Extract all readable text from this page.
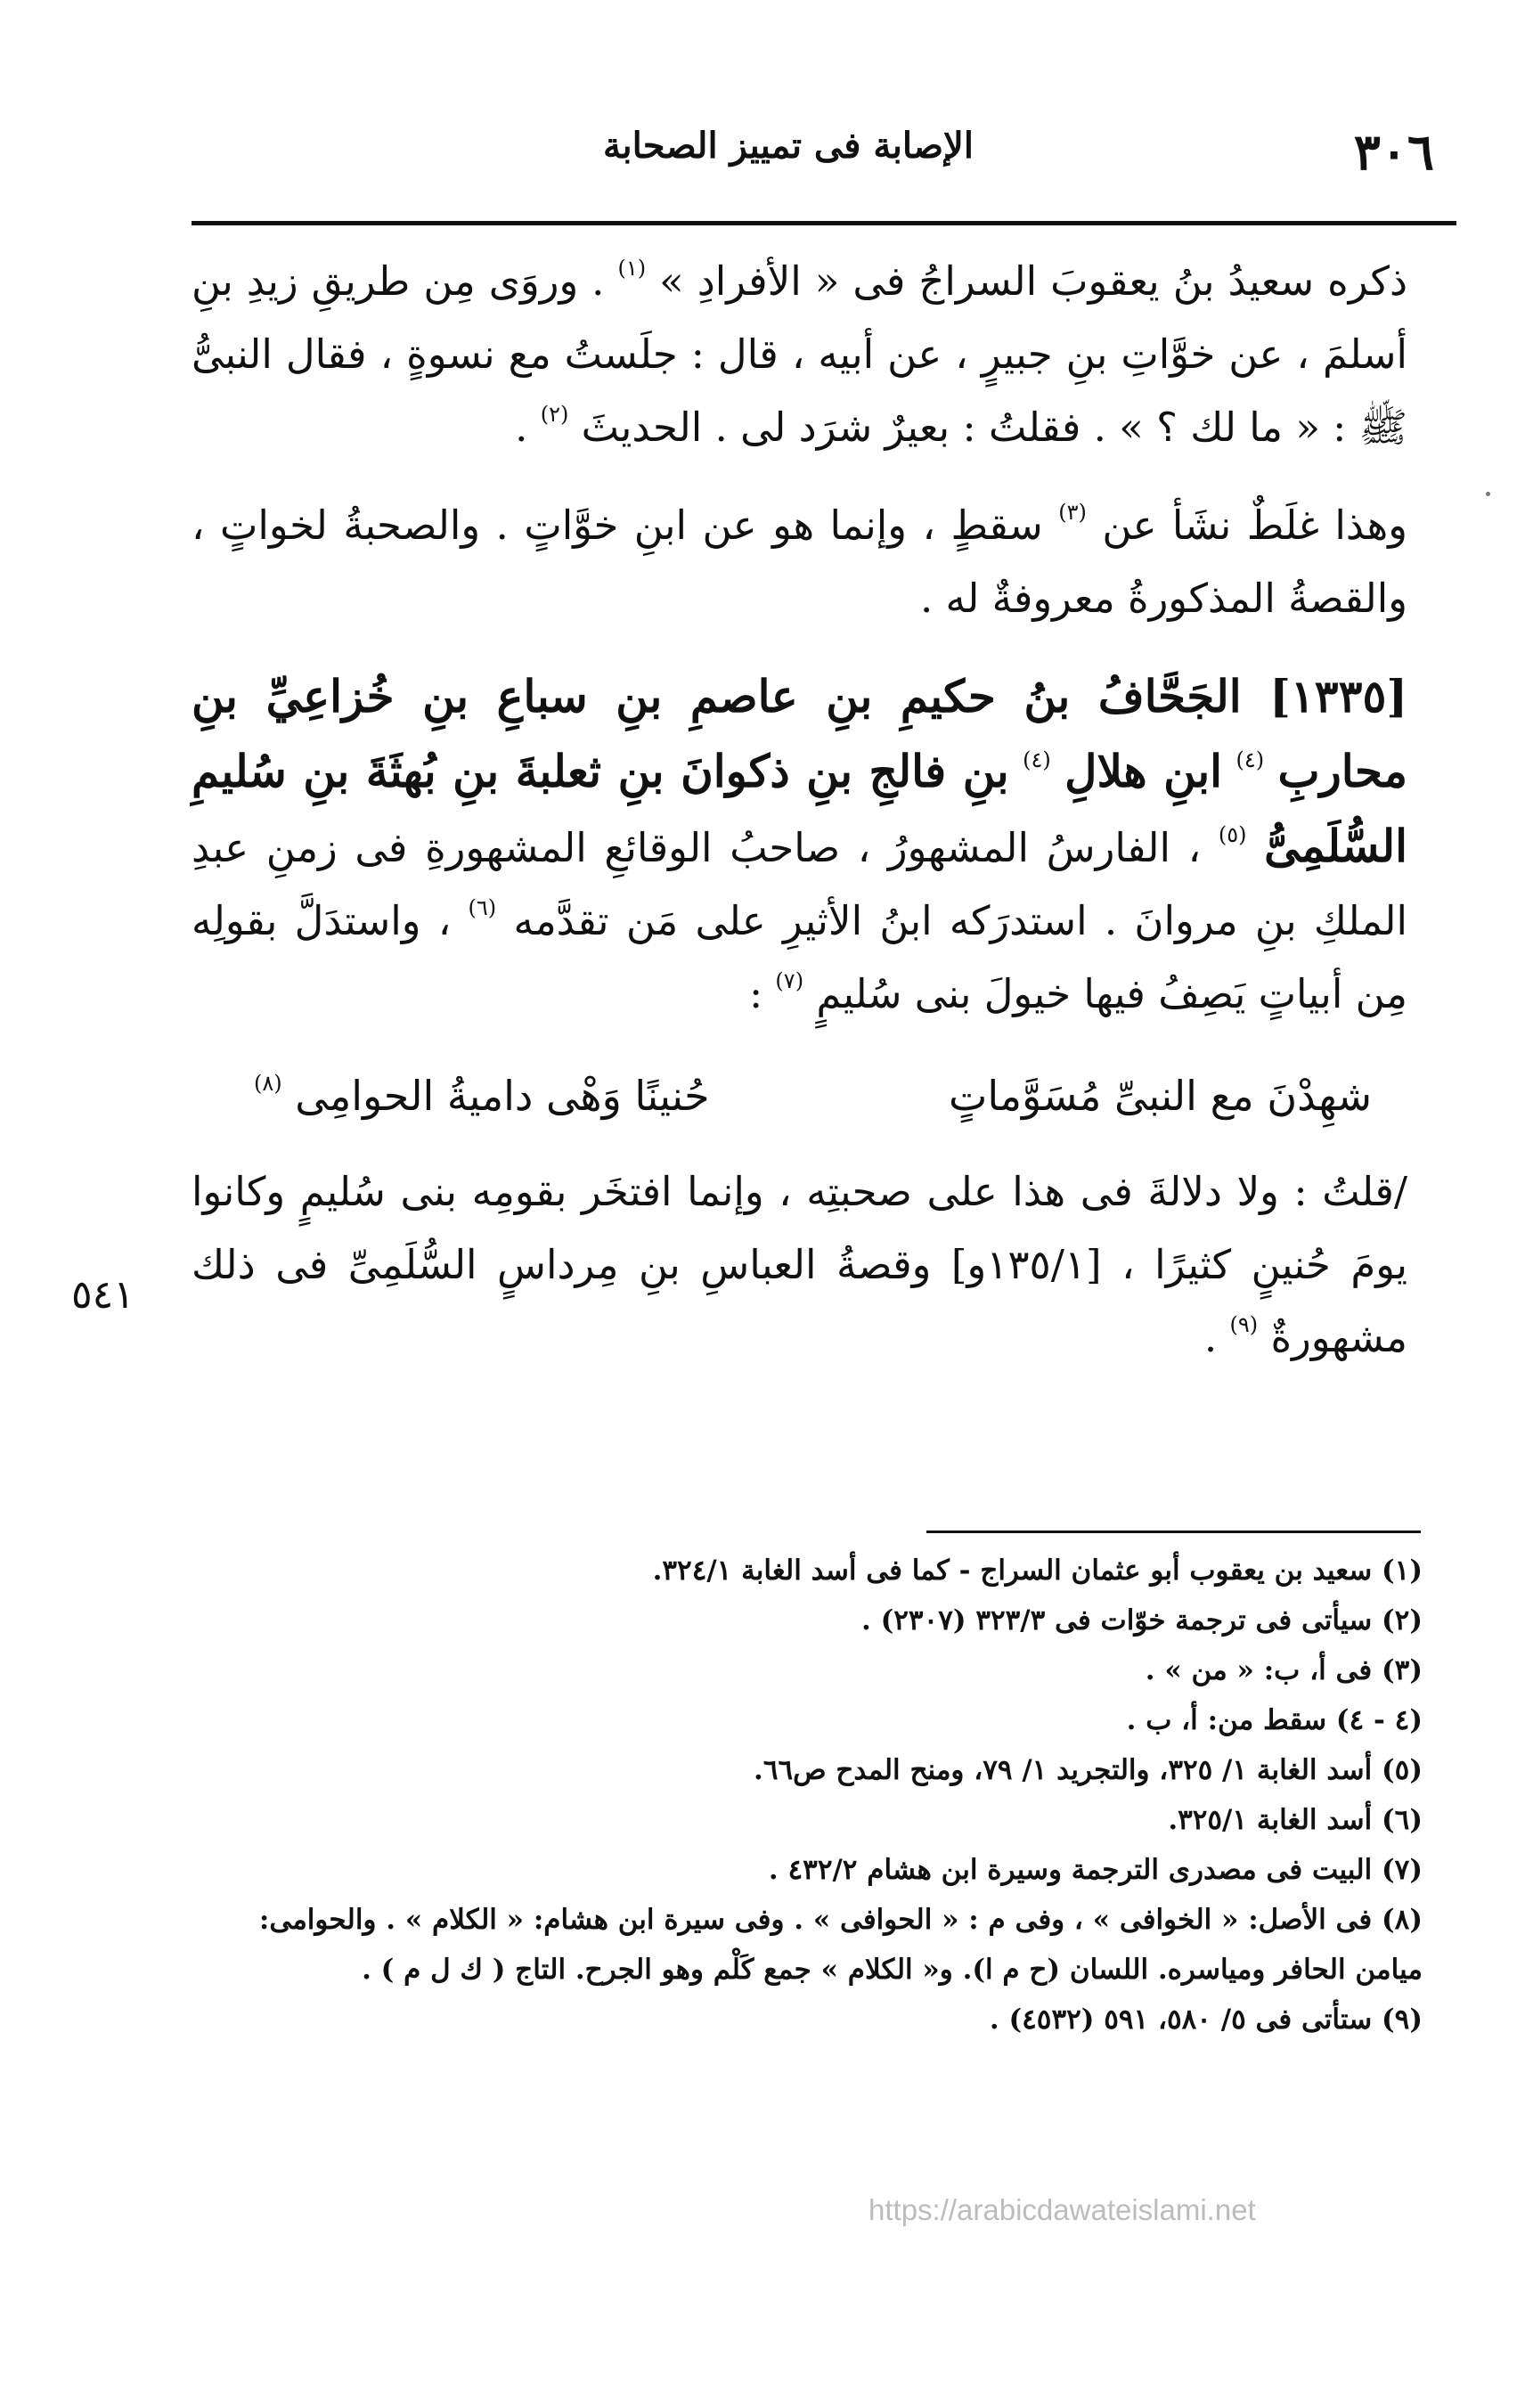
٣٠٦
الإصابة فى تمييز الصحابة

ذكره سعيدُ بنُ يعقوبَ السراجُ فى « الأفرادِ » $^{(١)}$ . وروَى مِن طريقِ زيدِ بنِ أسلمَ ، عن خوَّاتِ بنِ جبيرٍ ، عن أبيه ، قال : جلَستُ مع نسوةٍ ، فقال النبىُّ ﷺ : « ما لك ؟ » . فقلتُ : بعيرٌ شرَد لى . الحديثَ $^{(٢)}$ .

وهذا غلَطٌ نشَأ عن $^{(٣)}$ سقطٍ ، وإنما هو عن ابنِ خوَّاتٍ . والصحبةُ لخواتٍ ، والقصةُ المذكورةُ معروفةٌ له .

[١٣٣٥] الجَحَّافُ بنُ حكيمِ بنِ عاصمِ بنِ سباعِ بنِ خُزاعِيِّ بنِ محاربِ $^{(٤)}$ ابنِ هلالِ $^{(٤)}$ بنِ فالجِ بنِ ذكوانَ بنِ ثعلبةَ بنِ بُهثَةَ بنِ سُليمِ السُّلَمِىُّ $^{(٥)}$ ، الفارسُ المشهورُ ، صاحبُ الوقائعِ المشهورةِ فى زمنِ عبدِ الملكِ بنِ مروانَ . استدرَكه ابنُ الأثيرِ على مَن تقدَّمه $^{(٦)}$ ، واستدَلَّ بقولِه مِن أبياتٍ يَصِفُ فيها خيولَ بنى سُليمٍ $^{(٧)}$ :

شهِدْنَ مع النبىِّ مُسَوَّماتٍ
حُنينًا وَهْى داميةُ الحوامِى $^{(٨)}$

/قلتُ : ولا دلالةَ فى هذا على صحبتِه ، وإنما افتخَر بقومِه بنى سُليمٍ وكانوا يومَ حُنينٍ كثيرًا ، [١٣٥/١و] وقصةُ العباسِ بنِ مِرداسٍ السُّلَمِىِّ فى ذلك مشهورةٌ $^{(٩)}$ .

٥٤١
(١) سعيد بن يعقوب أبو عثمان السراج - كما فى أسد الغابة ٣٢٤/١.
(٢) سيأتى فى ترجمة خوّات فى ٣٢٣/٣ (٢٣٠٧) .
(٣) فى أ، ب: « من » .
(٤ - ٤) سقط من: أ، ب .
(٥) أسد الغابة ١/ ٣٢٥، والتجريد ١/ ٧٩، ومنح المدح ص٦٦.
(٦) أسد الغابة ٣٢٥/١.
(٧) البيت فى مصدرى الترجمة وسيرة ابن هشام ٤٣٢/٢ .
(٨) فى الأصل: « الخوافى » ، وفى م : « الحوافى » . وفى سيرة ابن هشام: « الكلام » . والحوامى: ميامن الحافر ومياسره. اللسان (ح م ا). و« الكلام » جمع كَلْم وهو الجرح. التاج ( ك ل م ) .
(٩) ستأتى فى ٥/ ٥٨٠، ٥٩١ (٤٥٣٢) .
https://arabicdawateislami.net
